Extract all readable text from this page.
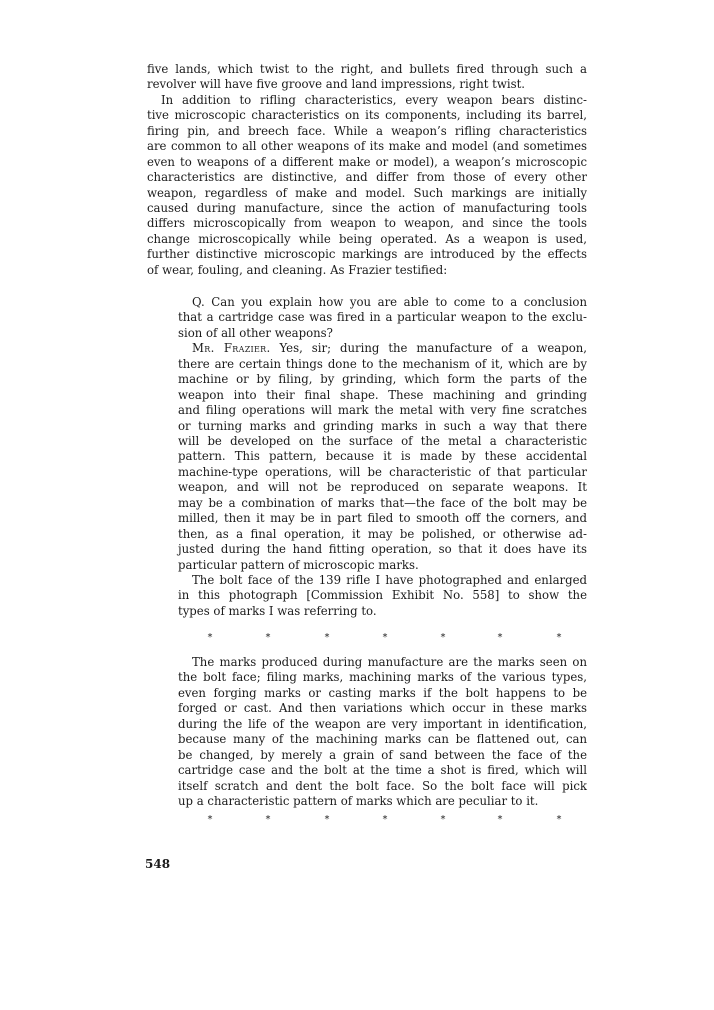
five lands, which twist to the right, and bullets fired through such a
revolver will have five groove and land impressions, right twist.
In addition to rifling characteristics, every weapon bears distinc-
tive microscopic characteristics on its components, including its barrel,
firing pin, and breech face. While a weapon’s rifling characteristics
are common to all other weapons of its make and model (and sometimes
even to weapons of a different make or model), a weapon’s microscopic
characteristics are distinctive, and differ from those of every other
weapon, regardless of make and model. Such markings are initially
caused during manufacture, since the action of manufacturing tools
differs microscopically from weapon to weapon, and since the tools
change microscopically while being operated. As a weapon is used,
further distinctive microscopic markings are introduced by the effects
of wear, fouling, and cleaning. As Frazier testified:
Q. Can you explain how you are able to come to a conclusion
that a cartridge case was fired in a particular weapon to the exclu-
sion of all other weapons?
Mr. Frazier. Yes, sir; during the manufacture of a weapon,
there are certain things done to the mechanism of it, which are by
machine or by filing, by grinding, which form the parts of the
weapon into their final shape. These machining and grinding
and filing operations will mark the metal with very fine scratches
or turning marks and grinding marks in such a way that there
will be developed on the surface of the metal a characteristic
pattern. This pattern, because it is made by these accidental
machine-type operations, will be characteristic of that particular
weapon, and will not be reproduced on separate weapons. It
may be a combination of marks that—the face of the bolt may be
milled, then it may be in part filed to smooth off the corners, and
then, as a final operation, it may be polished, or otherwise ad-
justed during the hand fitting operation, so that it does have its
particular pattern of microscopic marks.
The bolt face of the 139 rifle I have photographed and enlarged
in this photograph [Commission Exhibit No. 558] to show the
types of marks I was referring to.
*	*	*	*	*	*	*
The marks produced during manufacture are the marks seen on
the bolt face; filing marks, machining marks of the various types,
even forging marks or casting marks if the bolt happens to be
forged or cast. And then variations which occur in these marks
during the life of the weapon are very important in identification,
because many of the machining marks can be flattened out, can
be changed, by merely a grain of sand between the face of the
cartridge case and the bolt at the time a shot is fired, which will
itself scratch and dent the bolt face. So the bolt face will pick
up a characteristic pattern of marks which are peculiar to it.
*	*	*	*	*	*	*
548
